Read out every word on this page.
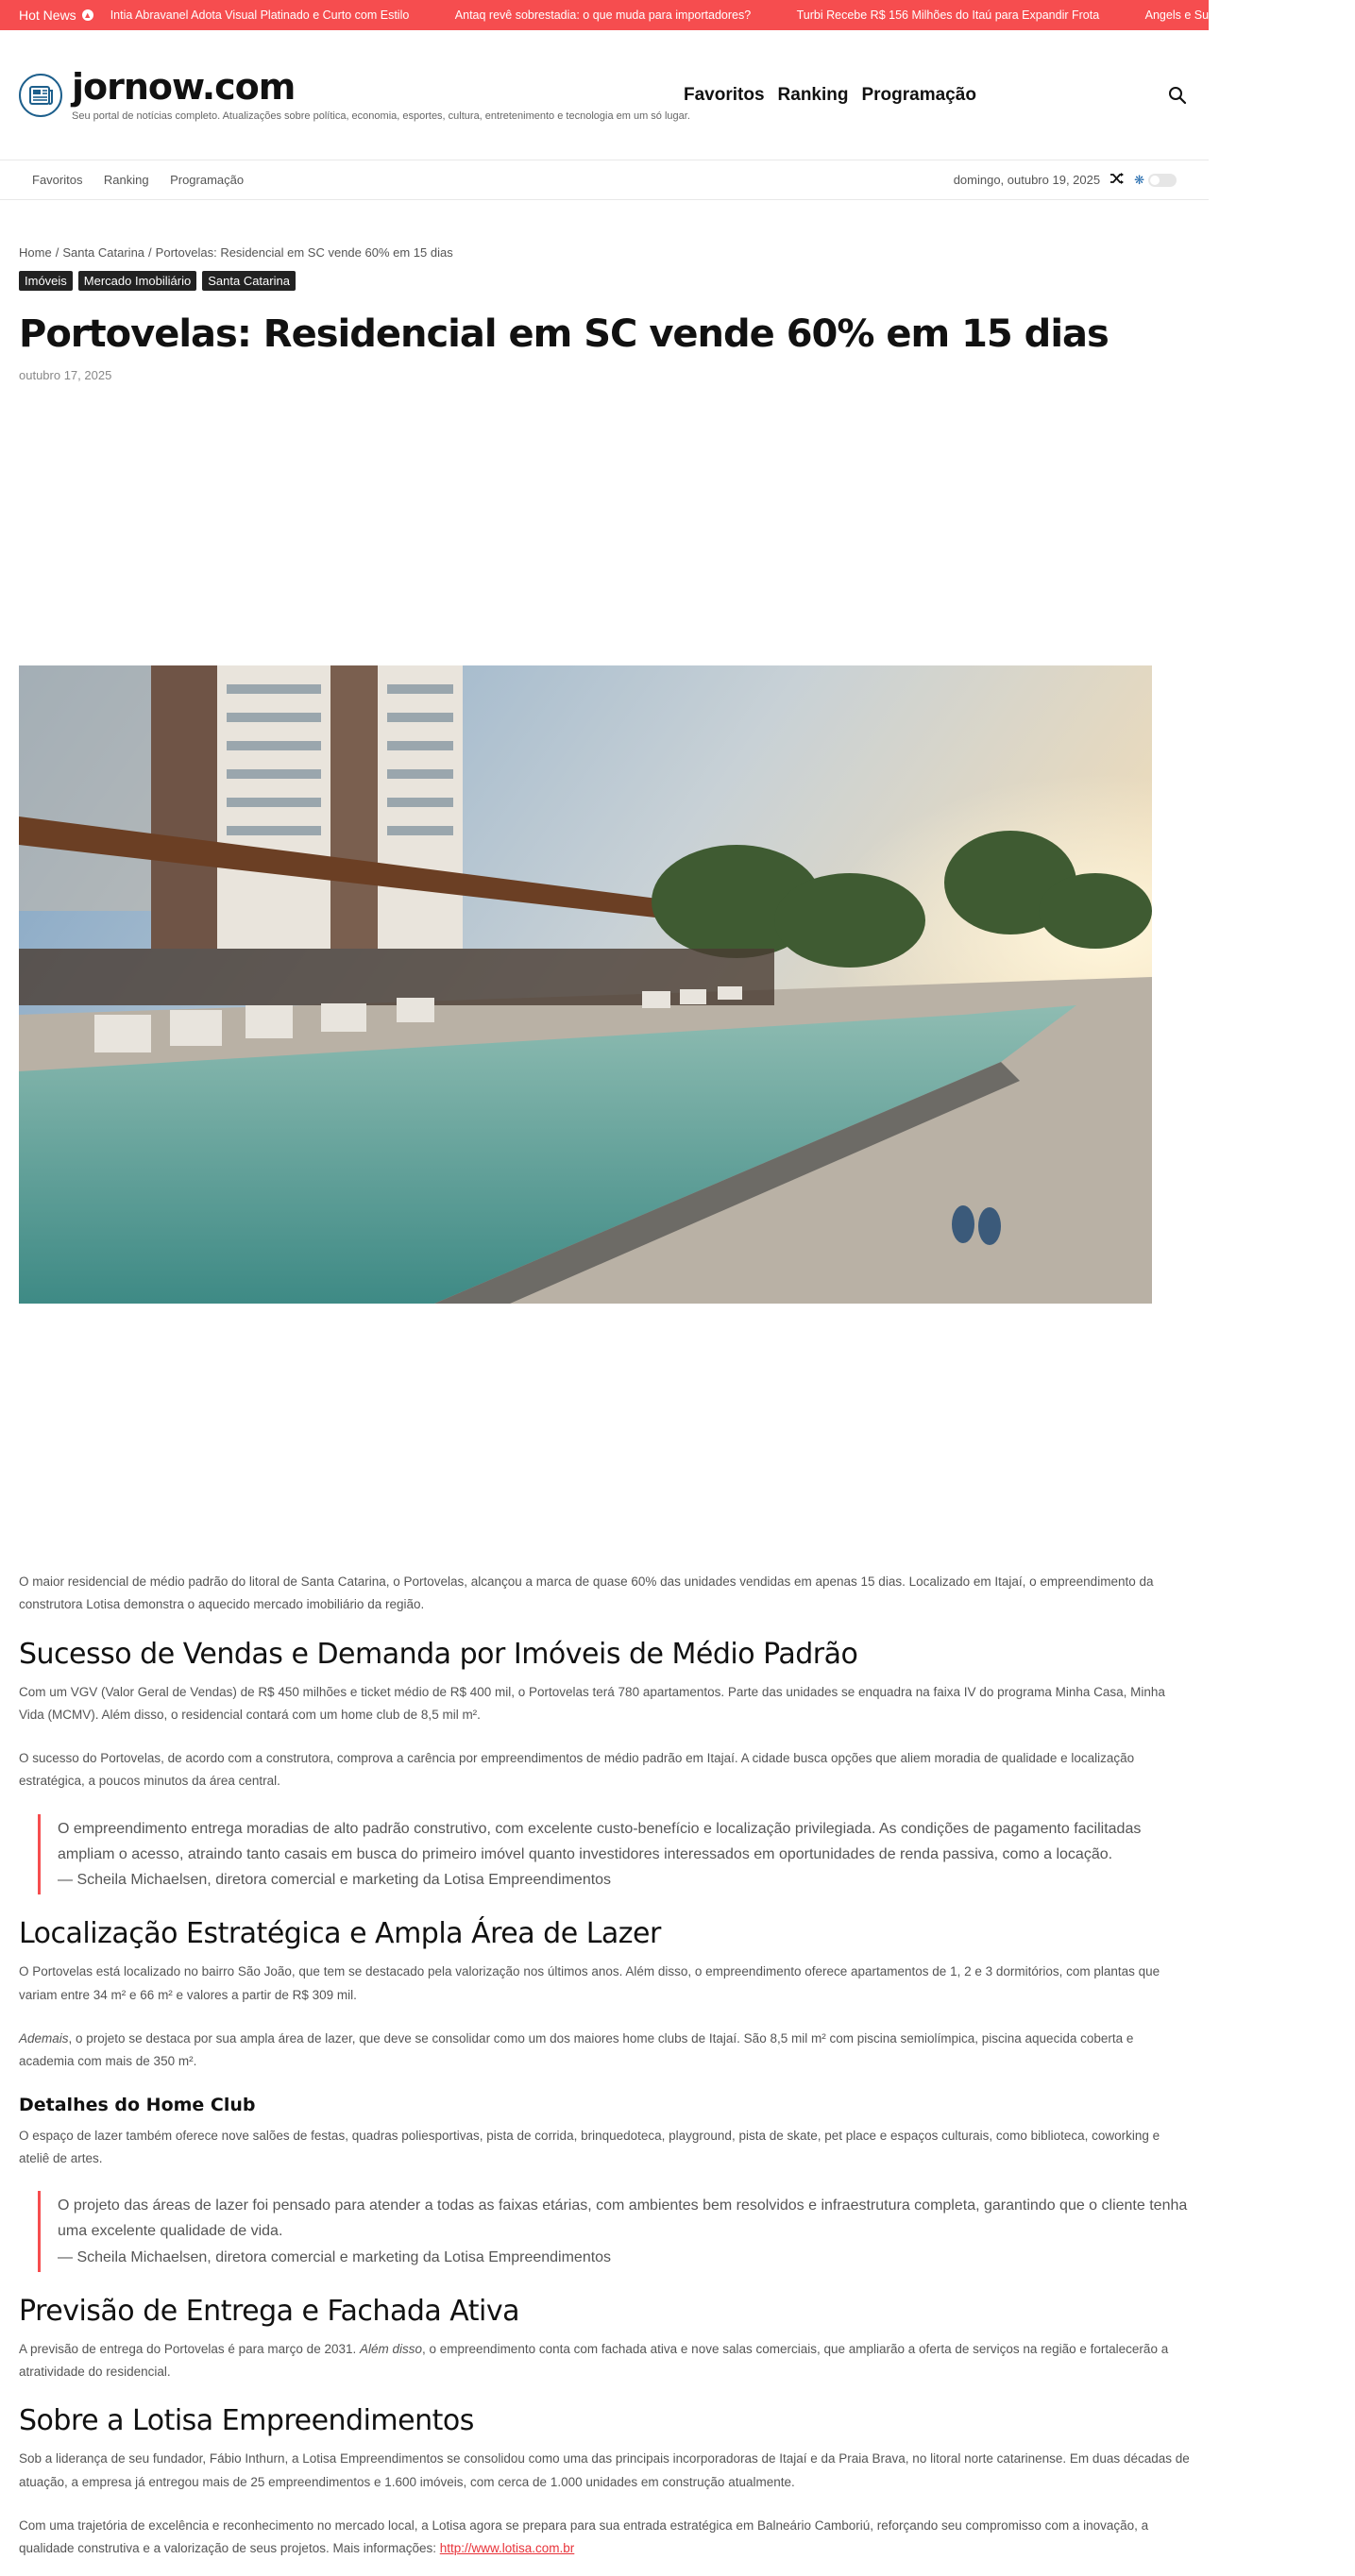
Hot News ▲ Intia Abravanel Adota Visual Platinado e Curto com Estilo	Antaq revê sobrestadia: o que muda para importadores?	Turbi Recebe R$ 156 Milhões do Itaú para Expandir Frota	Angels e Sugar Daddies: o fascí
jornow.com
Seu portal de notícias completo. Atualizações sobre política, economia, esportes, cultura, entretenimento e tecnologia em um só lugar.
Favoritos Ranking Programação
Favoritos Ranking Programação	domingo, outubro 19, 2025	❋
Home / Santa Catarina / Portovelas: Residencial em SC vende 60% em 15 dias
Imóveis	Mercado Imobiliário	Santa Catarina
Portovelas: Residencial em SC vende 60% em 15 dias
outubro 17, 2025

O maior residencial de médio padrão do litoral de Santa Catarina, o Portovelas, alcançou a marca de quase 60% das unidades vendidas em apenas 15 dias. Localizado em Itajaí, o empreendimento da construtora Lotisa demonstra o aquecido mercado imobiliário da região.

Sucesso de Vendas e Demanda por Imóveis de Médio Padrão

Com um VGV (Valor Geral de Vendas) de R$ 450 milhões e ticket médio de R$ 400 mil, o Portovelas terá 780 apartamentos. Parte das unidades se enquadra na faixa IV do programa Minha Casa, Minha Vida (MCMV). Além disso, o residencial contará com um home club de 8,5 mil m².

O sucesso do Portovelas, de acordo com a construtora, comprova a carência por empreendimentos de médio padrão em Itajaí. A cidade busca opções que aliem moradia de qualidade e localização estratégica, a poucos minutos da área central.

O empreendimento entrega moradias de alto padrão construtivo, com excelente custo-benefício e localização privilegiada. As condições de pagamento facilitadas ampliam o acesso, atraindo tanto casais em busca do primeiro imóvel quanto investidores interessados em oportunidades de renda passiva, como a locação.
— Scheila Michaelsen, diretora comercial e marketing da Lotisa Empreendimentos
Localização Estratégica e Ampla Área de Lazer

O Portovelas está localizado no bairro São João, que tem se destacado pela valorização nos últimos anos. Além disso, o empreendimento oferece apartamentos de 1, 2 e 3 dormitórios, com plantas que variam entre 34 m² e 66 m² e valores a partir de R$ 309 mil.

Ademais, o projeto se destaca por sua ampla área de lazer, que deve se consolidar como um dos maiores home clubs de Itajaí. São 8,5 mil m² com piscina semiolímpica, piscina aquecida coberta e academia com mais de 350 m².

Detalhes do Home Club

O espaço de lazer também oferece nove salões de festas, quadras poliesportivas, pista de corrida, brinquedoteca, playground, pista de skate, pet place e espaços culturais, como biblioteca, coworking e ateliê de artes.

O projeto das áreas de lazer foi pensado para atender a todas as faixas etárias, com ambientes bem resolvidos e infraestrutura completa, garantindo que o cliente tenha uma excelente qualidade de vida.
— Scheila Michaelsen, diretora comercial e marketing da Lotisa Empreendimentos
Previsão de Entrega e Fachada Ativa

A previsão de entrega do Portovelas é para março de 2031. Além disso, o empreendimento conta com fachada ativa e nove salas comerciais, que ampliarão a oferta de serviços na região e fortalecerão a atratividade do residencial.

Sobre a Lotisa Empreendimentos

Sob a liderança de seu fundador, Fábio Inthurn, a Lotisa Empreendimentos se consolidou como uma das principais incorporadoras de Itajaí e da Praia Brava, no litoral norte catarinense. Em duas décadas de atuação, a empresa já entregou mais de 25 empreendimentos e 1.600 imóveis, com cerca de 1.000 unidades em construção atualmente.

Com uma trajetória de excelência e reconhecimento no mercado local, a Lotisa agora se prepara para sua entrada estratégica em Balneário Camboriú, reforçando seu compromisso com a inovação, a qualidade construtiva e a valorização de seus projetos. Mais informações: http://www.lotisa.com.br
